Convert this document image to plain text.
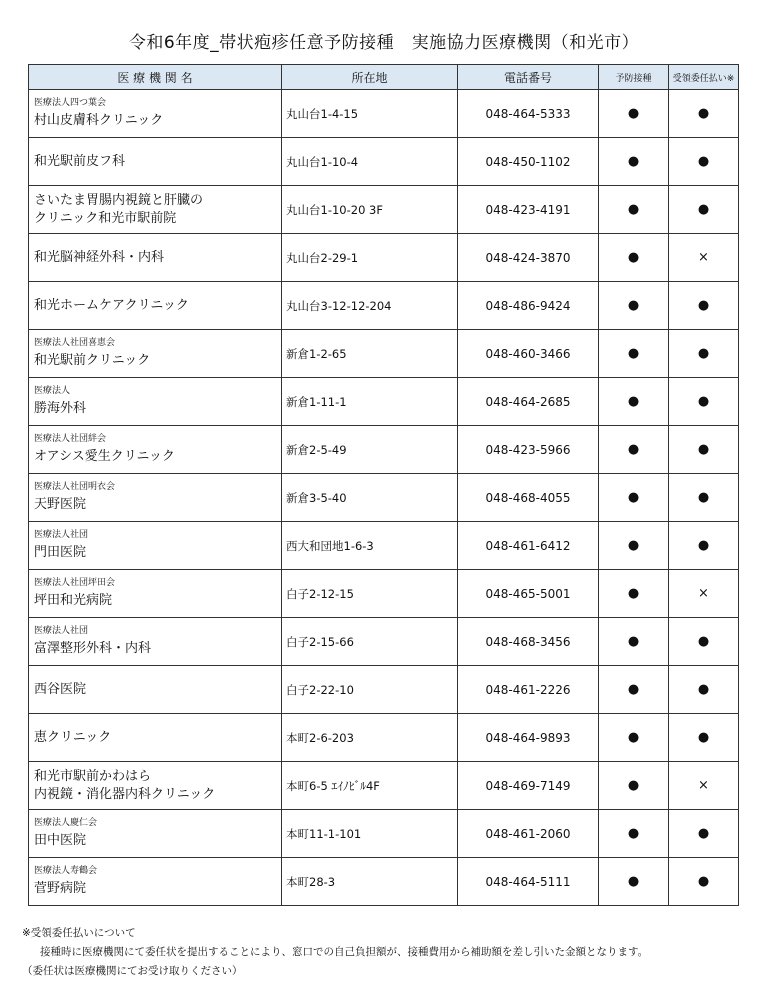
令和6年度_帯状疱疹任意予防接種　実施協力医療機関（和光市）
医 療 機 関 名	所在地	電話番号	予防接種	受領委任払い※

医療法人四つ葉会
村山皮膚科クリニック	丸山台1-4-15	048-464-5333	●	●

和光駅前皮フ科	丸山台1-10-4	048-450-1102	●	●

さいたま胃腸内視鏡と肝臓の
クリニック和光市駅前院	丸山台1-10-20 3F	048-423-4191	●	●

和光脳神経外科・内科	丸山台2-29-1	048-424-3870	●	×

和光ホームケアクリニック	丸山台3-12-12-204	048-486-9424	●	●

医療法人社団喜恵会
和光駅前クリニック	新倉1-2-65	048-460-3466	●	●

医療法人
勝海外科	新倉1-11-1	048-464-2685	●	●

医療法人社団絆会
オアシス愛生クリニック	新倉2-5-49	048-423-5966	●	●

医療法人社団明衣会
天野医院	新倉3-5-40	048-468-4055	●	●

医療法人社団
門田医院	西大和団地1-6-3	048-461-6412	●	●

医療法人社団坪田会
坪田和光病院	白子2-12-15	048-465-5001	●	×

医療法人社団
富澤整形外科・内科	白子2-15-66	048-468-3456	●	●

西谷医院	白子2-22-10	048-461-2226	●	●

恵クリニック	本町2-6-203	048-464-9893	●	●

和光市駅前かわはら
内視鏡・消化器内科クリニック	本町6-5 ｴｲﾉﾋﾞﾙ4F	048-469-7149	●	×

医療法人慶仁会
田中医院	本町11-1-101	048-461-2060	●	●

医療法人寿鶴会
菅野病院	本町28-3	048-464-5111	●	●
※受領委任払いについて
接種時に医療機関にて委任状を提出することにより、窓口での自己負担額が、接種費用から補助額を差し引いた金額となります。
（委任状は医療機関にてお受け取りください）
